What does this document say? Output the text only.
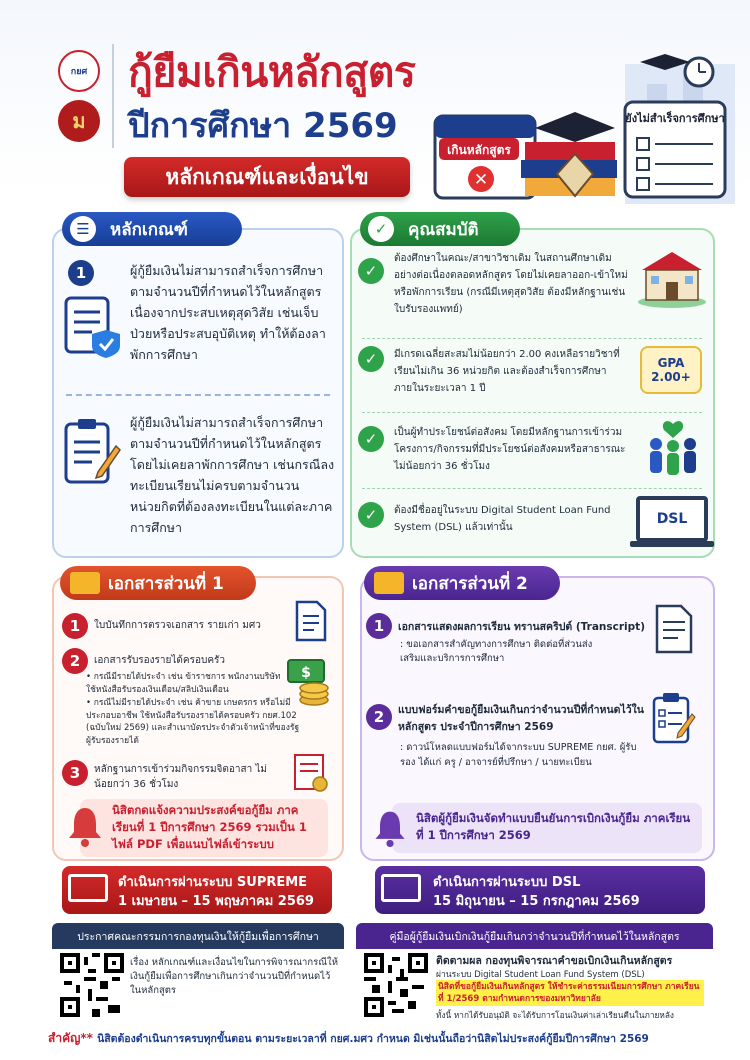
กยศ
ม
กู้ยืมเกินหลักสูตร
ปีการศึกษา 2569
หลักเกณฑ์และเงื่อนไข
เกินหลักสูตร
✕
ยังไม่สำเร็จการศึกษา
☰	หลักเกณฑ์
1	ผู้กู้ยืมเงินไม่สามารถสำเร็จการศึกษาตามจำนวนปีที่กำหนดไว้ในหลักสูตรเนื่องจากประสบเหตุสุดวิสัย เช่นเจ็บป่วยหรือประสบอุบัติเหตุ ทำให้ต้องลาพักการศึกษา
ผู้กู้ยืมเงินไม่สามารถสำเร็จการศึกษาตามจำนวนปีที่กำหนดไว้ในหลักสูตรโดยไม่เคยลาพักการศึกษา เช่นกรณีลงทะเบียนเรียนไม่ครบตามจำนวนหน่วยกิตที่ต้องลงทะเบียนในแต่ละภาคการศึกษา
✓	คุณสมบัติ
✓
ต้องศึกษาในคณะ/สาขาวิชาเดิม ในสถานศึกษาเดิมอย่างต่อเนื่องตลอดหลักสูตร โดยไม่เคยลาออก-เข้าใหม่หรือพักการเรียน (กรณีมีเหตุสุดวิสัย ต้องมีหลักฐานเช่น ใบรับรองแพทย์)
✓	มีเกรดเฉลี่ยสะสมไม่น้อยกว่า 2.00 คงเหลือรายวิชาที่เรียนไม่เกิน 36 หน่วยกิต และต้องสำเร็จการศึกษาภายในระยะเวลา 1 ปี
GPA 2.00+
✓	เป็นผู้ทำประโยชน์ต่อสังคม โดยมีหลักฐานการเข้าร่วมโครงการ/กิจกรรมที่มีประโยชน์ต่อสังคมหรือสาธารณะไม่น้อยกว่า 36 ชั่วโมง
✓	ต้องมีชื่ออยู่ในระบบ Digital Student Loan Fund System (DSL) แล้วเท่านั้น
DSL
เอกสารส่วนที่ 1
1	ใบบันทึกการตรวจเอกสาร รายเก่า มศว
2	เอกสารรับรองรายได้ครอบครัว
• กรณีมีรายได้ประจำ เช่น ข้าราชการ พนักงานบริษัท ใช้หนังสือรับรองเงินเดือน/สลิปเงินเดือน
• กรณีไม่มีรายได้ประจำ เช่น ค้าขาย เกษตรกร หรือไม่มีประกอบอาชีพ ใช้หนังสือรับรองรายได้ครอบครัว กยศ.102 (ฉบับใหม่ 2569) และสำเนาบัตรประจำตัวเจ้าหน้าที่ของรัฐผู้รับรองรายได้
$
3	หลักฐานการเข้าร่วมกิจกรรมจิตอาสา ไม่น้อยกว่า 36 ชั่วโมง
นิสิตกดแจ้งความประสงค์ขอกู้ยืม ภาคเรียนที่ 1 ปีการศึกษา 2569 รวมเป็น 1 ไฟล์ PDF เพื่อแนบไฟล์เข้าระบบ
ดำเนินการผ่านระบบ SUPREME
1 เมษายน – 15 พฤษภาคม 2569
เอกสารส่วนที่ 2
1	เอกสารแสดงผลการเรียน ทรานสคริปต์ (Transcript)
: ขอเอกสารสำคัญทางการศึกษา ติดต่อที่ส่วนส่งเสริมและบริการการศึกษา
2	แบบฟอร์มคำขอกู้ยืมเงินเกินกว่าจำนวนปีที่กำหนดไว้ในหลักสูตร ประจำปีการศึกษา 2569
: ดาวน์โหลดแบบฟอร์มได้จากระบบ SUPREME กยศ. ผู้รับรอง ได้แก่ ครู / อาจารย์ที่ปรึกษา / นายทะเบียน
นิสิตผู้กู้ยืมเงินจัดทำแบบยืนยันการเบิกเงินกู้ยืม ภาคเรียนที่ 1 ปีการศึกษา 2569
ดำเนินการผ่านระบบ DSL
15 มิถุนายน – 15 กรกฎาคม 2569
ประกาศคณะกรรมการกองทุนเงินให้กู้ยืมเพื่อการศึกษา
เรื่อง หลักเกณฑ์และเงื่อนไขในการพิจารณากรณีให้เงินกู้ยืมเพื่อการศึกษาเกินกว่าจำนวนปีที่กำหนดไว้ในหลักสูตร
คู่มือผู้กู้ยืมเงินเบิกเงินกู้ยืมเกินกว่าจำนวนปีที่กำหนดไว้ในหลักสูตร
ติดตามผล กองทุนพิจารณาคำขอเบิกเงินเกินหลักสูตร
ผ่านระบบ Digital Student Loan Fund System (DSL)
นิสิตที่ขอกู้ยืมเงินเกินหลักสูตร ให้ชำระค่าธรรมเนียมการศึกษา ภาคเรียนที่ 1/2569 ตามกำหนดการของมหาวิทยาลัย
ทั้งนี้ หากได้รับอนุมัติ จะได้รับการโอนเงินค่าเล่าเรียนคืนในภายหลัง
สำคัญ** นิสิตต้องดำเนินการครบทุกขั้นตอน ตามระยะเวลาที่ กยศ.มศว กำหนด มิเช่นนั้นถือว่านิสิตไม่ประสงค์กู้ยืมปีการศึกษา 2569
